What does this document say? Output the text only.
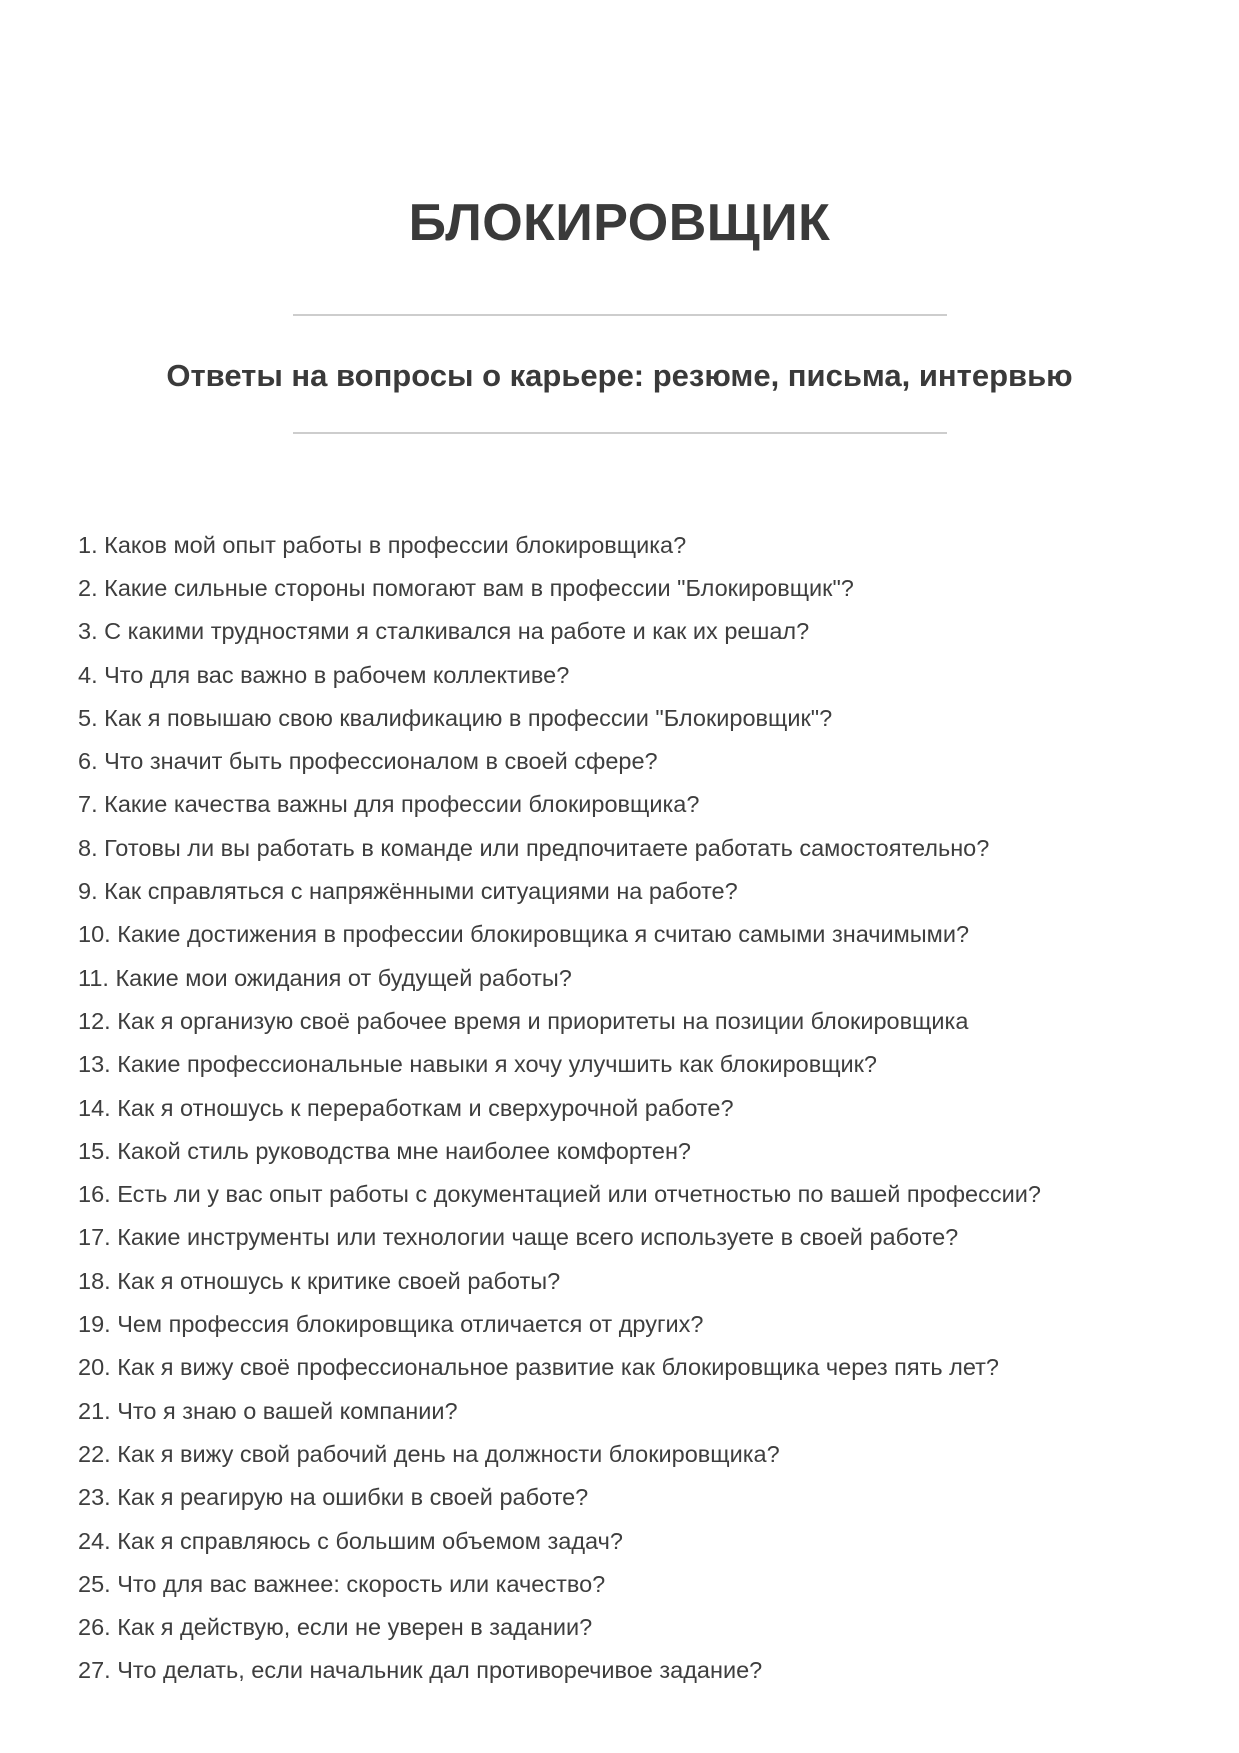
БЛОКИРОВЩИК
Ответы на вопросы о карьере: резюме, письма, интервью
1. Каков мой опыт работы в профессии блокировщика?
2. Какие сильные стороны помогают вам в профессии "Блокировщик"?
3. С какими трудностями я сталкивался на работе и как их решал?
4. Что для вас важно в рабочем коллективе?
5. Как я повышаю свою квалификацию в профессии "Блокировщик"?
6. Что значит быть профессионалом в своей сфере?
7. Какие качества важны для профессии блокировщика?
8. Готовы ли вы работать в команде или предпочитаете работать самостоятельно?
9. Как справляться с напряжёнными ситуациями на работе?
10. Какие достижения в профессии блокировщика я считаю самыми значимыми?
11. Какие мои ожидания от будущей работы?
12. Как я организую своё рабочее время и приоритеты на позиции блокировщика
13. Какие профессиональные навыки я хочу улучшить как блокировщик?
14. Как я отношусь к переработкам и сверхурочной работе?
15. Какой стиль руководства мне наиболее комфортен?
16. Есть ли у вас опыт работы с документацией или отчетностью по вашей профессии?
17. Какие инструменты или технологии чаще всего используете в своей работе?
18. Как я отношусь к критике своей работы?
19. Чем профессия блокировщика отличается от других?
20. Как я вижу своё профессиональное развитие как блокировщика через пять лет?
21. Что я знаю о вашей компании?
22. Как я вижу свой рабочий день на должности блокировщика?
23. Как я реагирую на ошибки в своей работе?
24. Как я справляюсь с большим объемом задач?
25. Что для вас важнее: скорость или качество?
26. Как я действую, если не уверен в задании?
27. Что делать, если начальник дал противоречивое задание?
